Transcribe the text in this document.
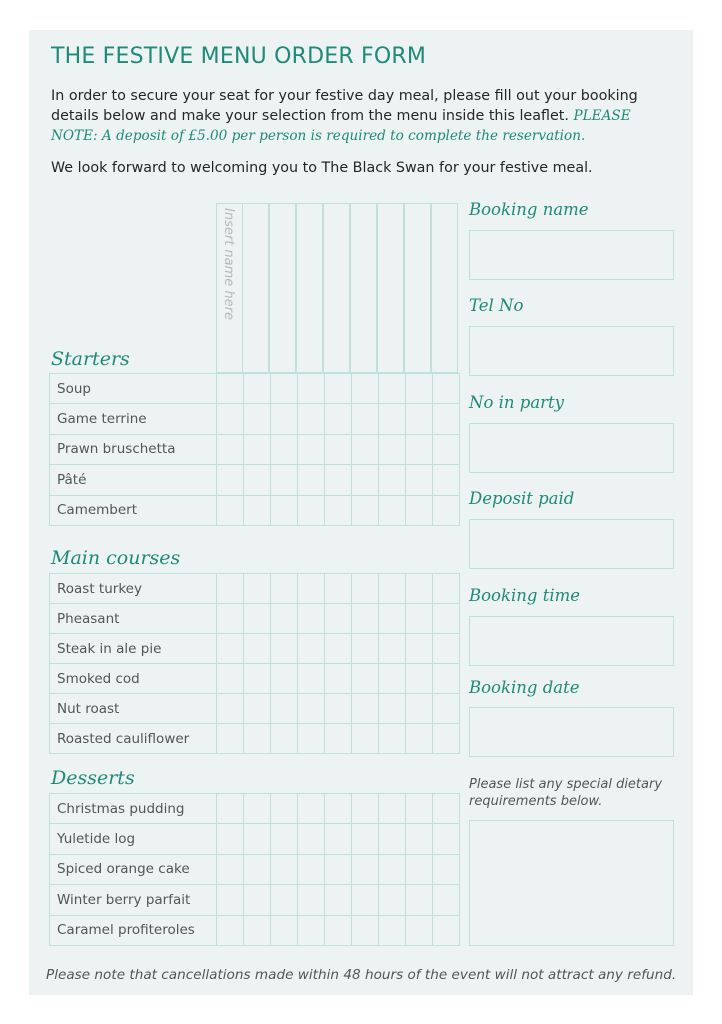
THE FESTIVE MENU ORDER FORM
In order to secure your seat for your festive day meal, please fill out your booking details below and make your selection from the menu inside this leaflet. PLEASE NOTE: A deposit of £5.00 per person is required to complete the reservation.
We look forward to welcoming you to The Black Swan for your festive meal.
Insert name here
Starters
Soup									
Game terrine									
Prawn bruschetta									
Pâté									
Camembert									
Main courses
Roast turkey									
Pheasant									
Steak in ale pie									
Smoked cod									
Nut roast									
Roasted cauliflower									
Desserts
Christmas pudding									
Yuletide log									
Spiced orange cake									
Winter berry parfait									
Caramel profiteroles									
Booking name
Tel No
No in party
Deposit paid
Booking time
Booking date
Please list any special dietary requirements below.
Please note that cancellations made within 48 hours of the event will not attract any refund.
